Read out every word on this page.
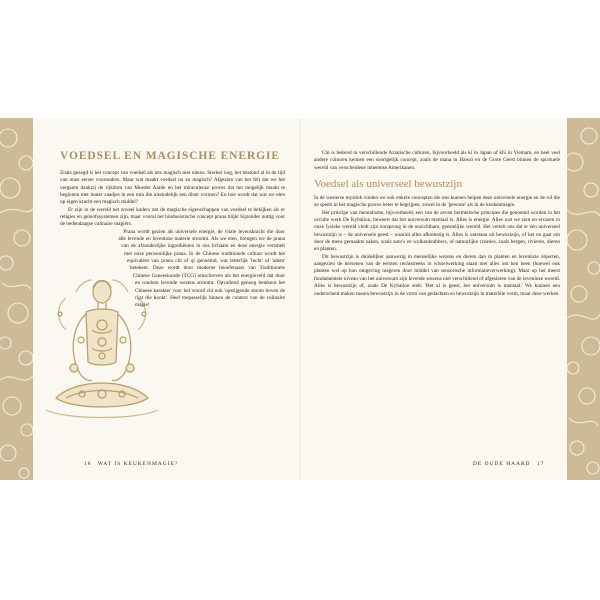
VOEDSEL EN MAGISCHE ENERGIE

Zoals gezegd is het concept van voedsel als iets magisch niet nieuw. Sterker nog, het bestond al in de tijd van onze eerste voorouders. Maar wat maakt voedsel nu zo magisch? Afgezien van het feit dat we het vergaren dankzij de rijkdom van Moeder Aarde en het miraculeuze proces dat het mogelijk maakt te beginnen met louter zaadjes in een tuin die uiteindelijk een diner vormen? En hoe wordt dat wat we eten op eigen kracht een magisch middel?

Er zijn in de wereld net zoveel kaders om de magische eigenschappen van voedsel te bekijken als er religies en geloofssystemen zijn, maar vooral het hindoeïstische concept prana blijkt bijzonder nuttig voor de hedendaagse culinaire magiërs.

Prana wordt gezien als universele energie, de vitale levenskracht die door alle levende en levenloze materie stroomt. Als we eten, brengen we de prana van de afzonderlijke ingrediënten in ons lichaam en deze energie versmelt met onze persoonlijke prana. In de Chinese traditionele cultuur wordt het equivalent van prana chi of qi genoemd, wat letterlijk 'lucht' of 'adem' betekent. Deze wordt door moderne beoefenaars van Traditionele Chinese Geneeskunde (TCG) omschreven als het energieveld dat door en rondom levende wezens stroomt. Opvallend genoeg betekent het Chinese karakter voor het woord chi ook 'opstijgende stoom boven de rijst die kookt'. Heel toepasselijk binnen de context van de culinaire magie!

16 WAT IS KEUKENMAGIE?

Chi is bekend in verschillende Aziatische culturen, bijvoorbeeld als ki in Japan of khí in Vietnam, en heel veel andere culturen kennen een soortgelijk concept, zoals de mana in Hawaï en de Grote Geest binnen de spirituele wereld van verscheidene inheemse Amerikanen.

Voedsel als universeel bewustzijn

In de westerse mystiek vinden we ook enkele concepten die ons kunnen helpen deze universele energie en de rol die ze speelt in het magische proces beter te begrijpen, zowel in de 'gewone' als in de keukenmagie.

Het principe van mentalisme, bijvoorbeeld, een van de zeven hermetische principes die genoemd worden in het occulte werk De Kybalion, beweert dat het universum mentaal is. Alles is energie. Alles wat we zien en ervaren in onze fysieke wereld vindt zijn oorsprong in de onzichtbare, geestelijke wereld. Het vertelt ons dat er één universeel bewustzijn is – de universele geest – waaruit alles afkomstig is. Alles is ontstaan uit bewustzijn, of het nu gaat om door de mens gemaakte zaken, zoals auto's en wolkenkrabbers, of natuurlijke creaties, zoals bergen, rivieren, dieren en planten.

Dit bewustzijn is duidelijker aanwezig in menselijke wezens en dieren dan in planten en levenloze objecten, aangezien de hersenen van de eersten rechtstreeks in wisselwerking staan met alles om hen heen (hoewel ook planten wel op hun omgeving reageren door middel van sensorische informatieverwerking). Maar op het meest fundamentele niveau van het universum zijn levende wezens niet verschillend of afgesloten van de levenloze wereld. Alles is bewustzijn of, zoals De Kybalion stelt: 'Het al is geest, het universum is mentaal.' We kunnen een onderscheid maken tussen bewustzijn in de vorm van gedachten en bewustzijn in materiële vorm, maar deze werken

DE OUDE HAARD 17
